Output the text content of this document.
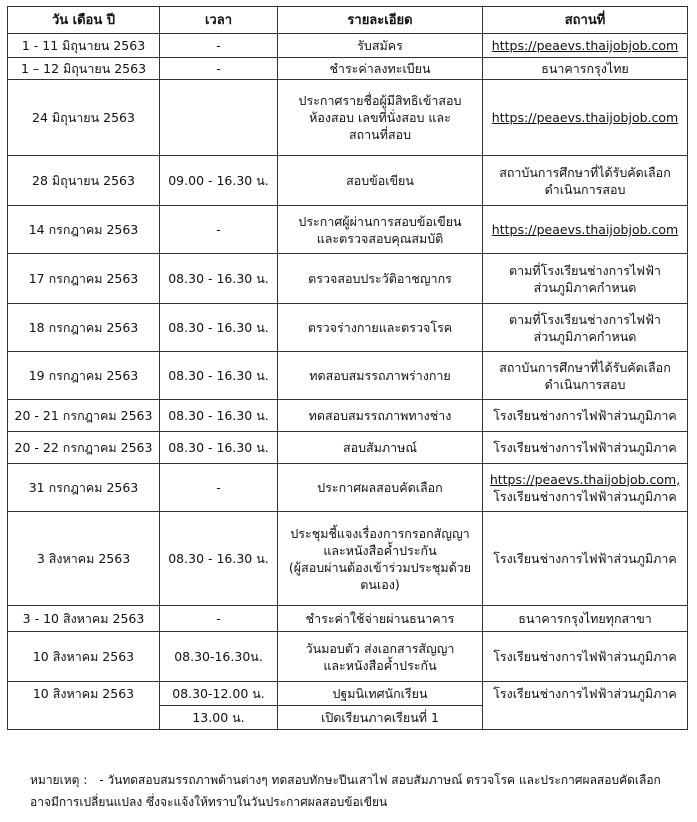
วัน เดือน ปี	เวลา	รายละเอียด	สถานที่
1 - 11 มิถุนายน 2563	-	รับสมัคร	https://peaevs.thaijobjob.com

1 – 12 มิถุนายน 2563	-	ชำระค่าลงทะเบียน	ธนาคารกรุงไทย

24 มิถุนายน 2563		ประกาศรายชื่อผู้มีสิทธิเข้าสอบ
ห้องสอบ เลขที่นั่งสอบ และ
สถานที่สอบ	https://peaevs.thaijobjob.com

28 มิถุนายน 2563	09.00 - 16.30 น.	สอบข้อเขียน	สถาบันการศึกษาที่ได้รับคัดเลือก
ดำเนินการสอบ

14 กรกฎาคม 2563	-	ประกาศผู้ผ่านการสอบข้อเขียน
และตรวจสอบคุณสมบัติ	https://peaevs.thaijobjob.com

17 กรกฎาคม 2563	08.30 - 16.30 น.	ตรวจสอบประวัติอาชญากร	ตามที่โรงเรียนช่างการไฟฟ้า
ส่วนภูมิภาคกำหนด

18 กรกฎาคม 2563	08.30 - 16.30 น.	ตรวจร่างกายและตรวจโรค	ตามที่โรงเรียนช่างการไฟฟ้า
ส่วนภูมิภาคกำหนด

19 กรกฎาคม 2563	08.30 - 16.30 น.	ทดสอบสมรรถภาพร่างกาย	สถาบันการศึกษาที่ได้รับคัดเลือก
ดำเนินการสอบ

20 - 21 กรกฎาคม 2563	08.30 - 16.30 น.	ทดสอบสมรรถภาพทางช่าง	โรงเรียนช่างการไฟฟ้าส่วนภูมิภาค

20 - 22 กรกฎาคม 2563	08.30 - 16.30 น.	สอบสัมภาษณ์	โรงเรียนช่างการไฟฟ้าส่วนภูมิภาค

31 กรกฎาคม 2563	-	ประกาศผลสอบคัดเลือก	https://peaevs.thaijobjob.com,
โรงเรียนช่างการไฟฟ้าส่วนภูมิภาค

3 สิงหาคม 2563	08.30 - 16.30 น.	ประชุมชี้แจงเรื่องการกรอกสัญญา
และหนังสือค้ำประกัน
(ผู้สอบผ่านต้องเข้าร่วมประชุมด้วย
ตนเอง)	โรงเรียนช่างการไฟฟ้าส่วนภูมิภาค

3 - 10 สิงหาคม 2563	-	ชำระค่าใช้จ่ายผ่านธนาคาร	ธนาคารกรุงไทยทุกสาขา

10 สิงหาคม 2563	08.30-16.30น.	วันมอบตัว ส่งเอกสารสัญญา
และหนังสือค้ำประกัน	โรงเรียนช่างการไฟฟ้าส่วนภูมิภาค

10 สิงหาคม 2563	08.30-12.00 น.	ปฐมนิเทศนักเรียน	โรงเรียนช่างการไฟฟ้าส่วนภูมิภาค
	13.00 น.	เปิดเรียนภาคเรียนที่ 1	
หมายเหตุ : - วันทดสอบสมรรถภาพด้านต่างๆ ทดสอบทักษะปีนเสาไฟ สอบสัมภาษณ์ ตรวจโรค และประกาศผลสอบคัดเลือก อาจมีการเปลี่ยนแปลง ซึ่งจะแจ้งให้ทราบในวันประกาศผลสอบข้อเขียน
